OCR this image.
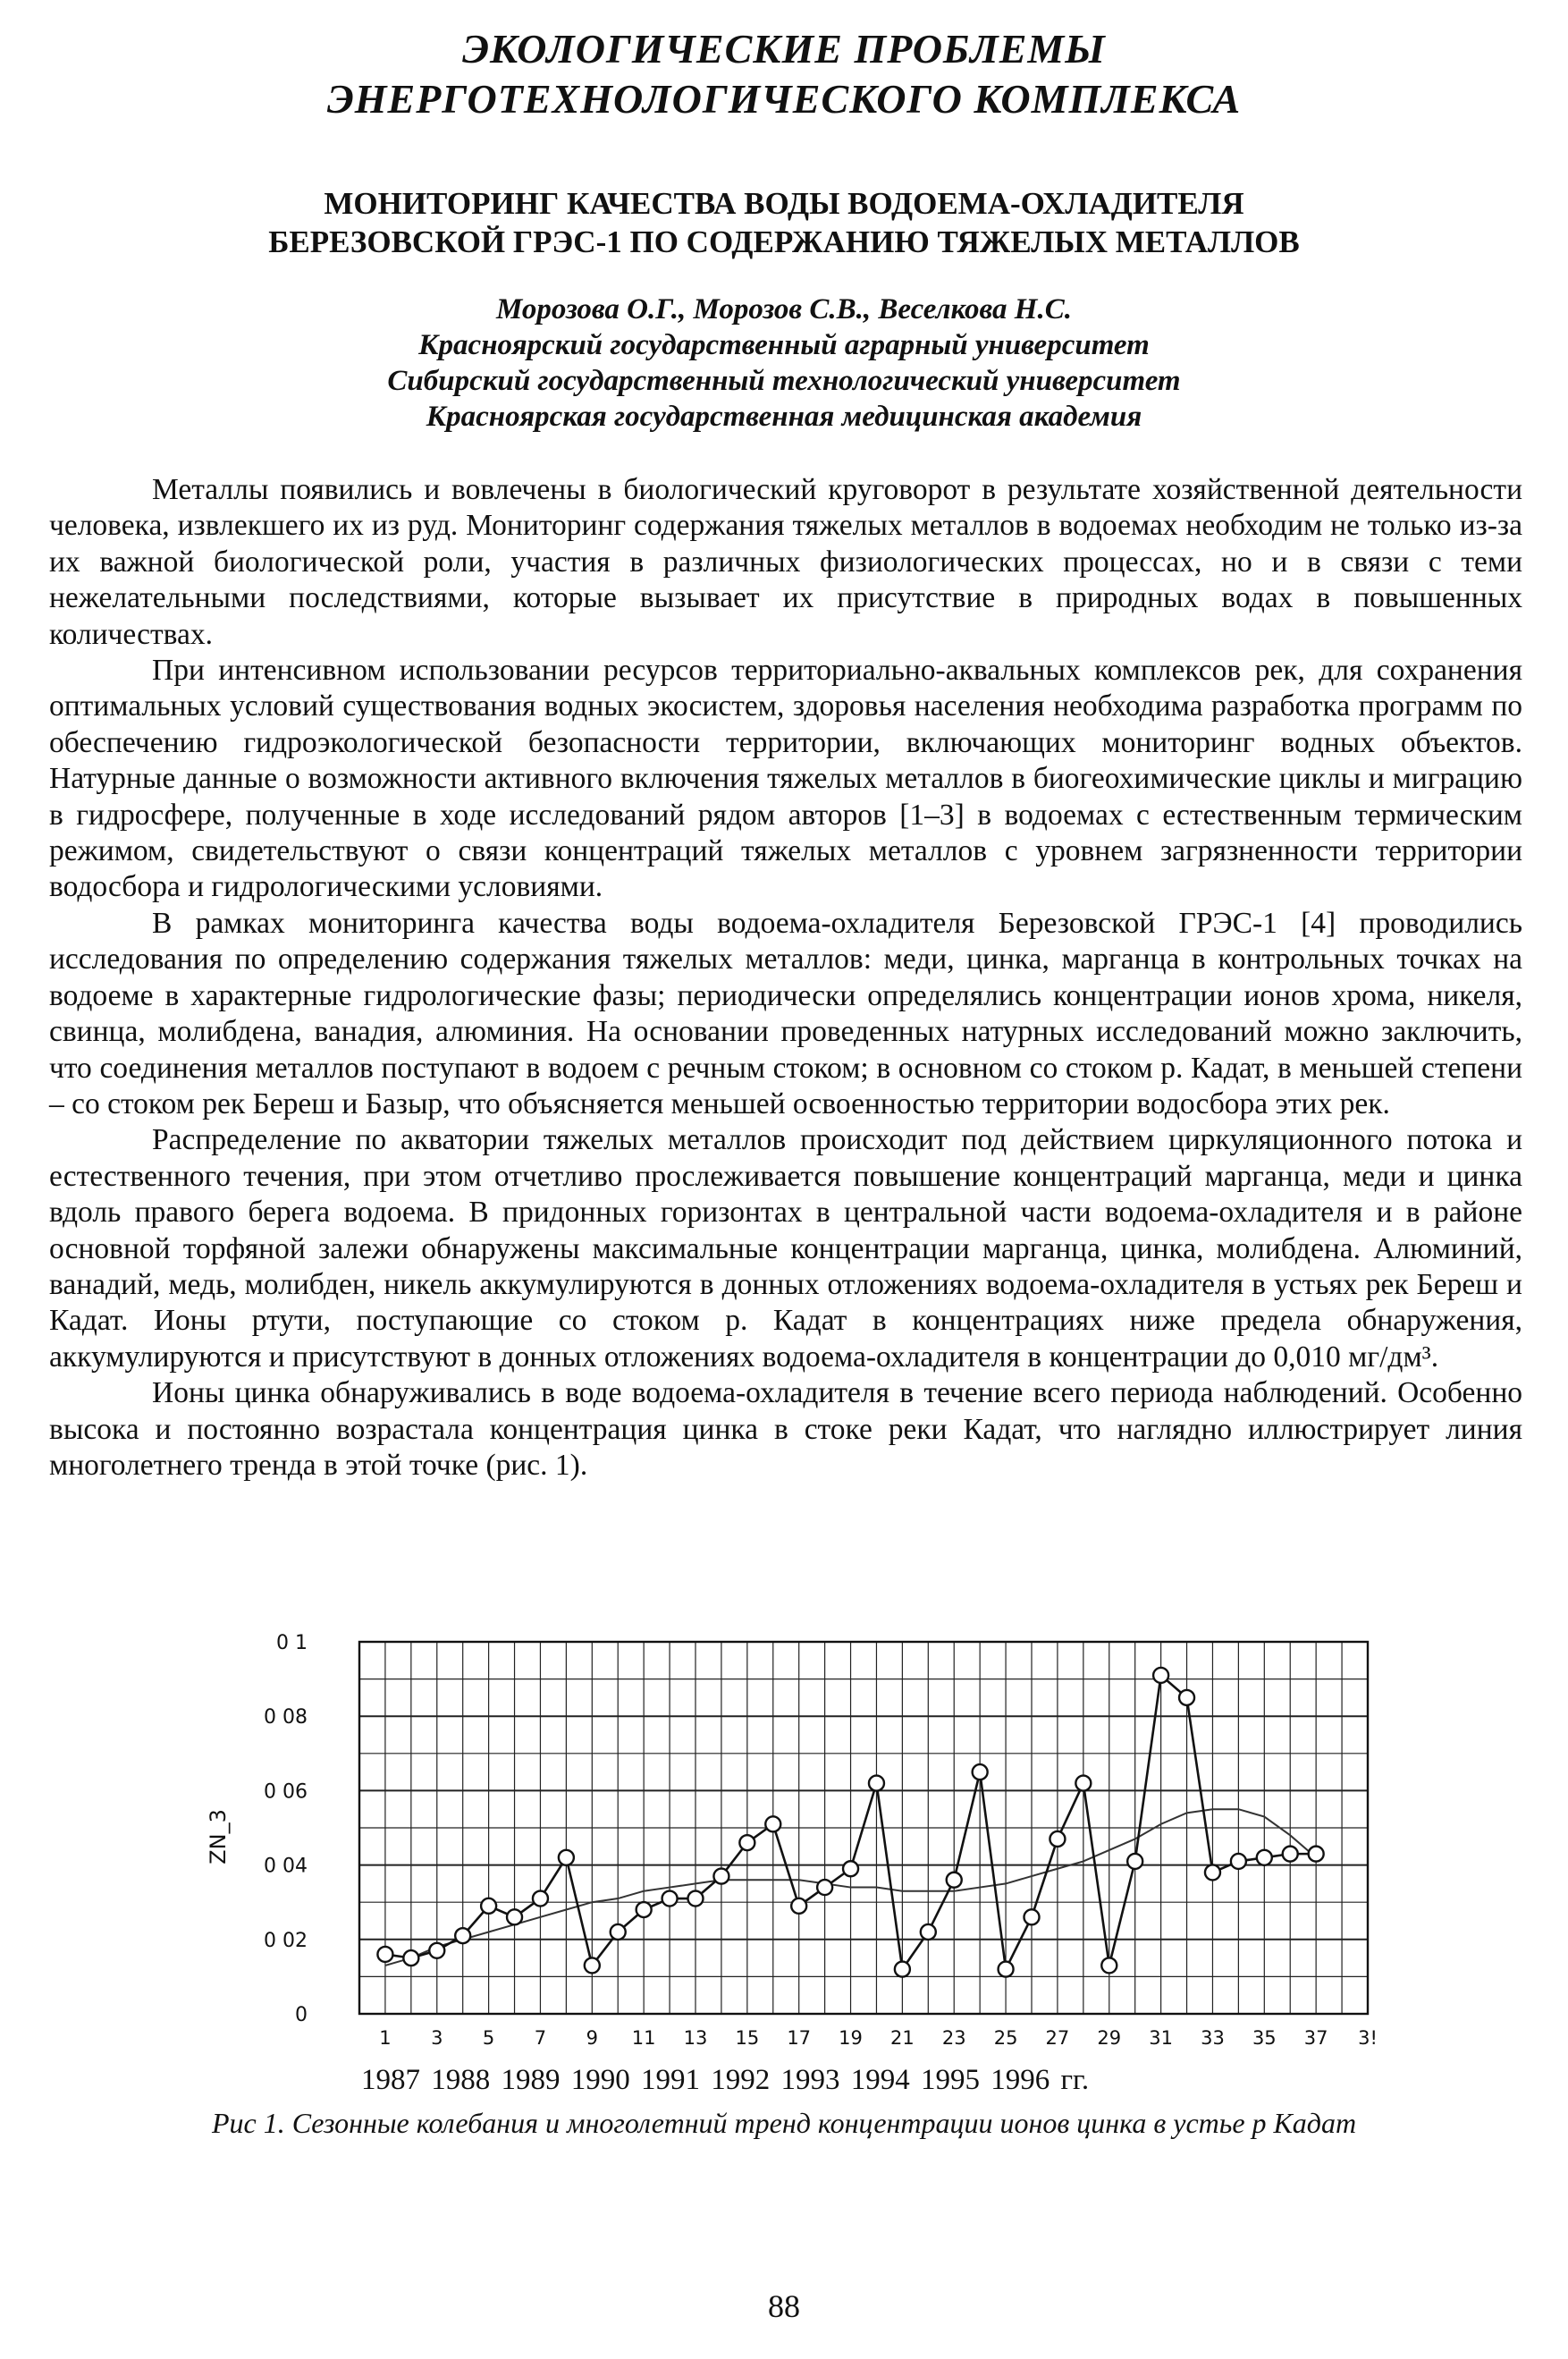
ЭКОЛОГИЧЕСКИЕ ПРОБЛЕМЫ
ЭНЕРГОТЕХНОЛОГИЧЕСКОГО КОМПЛЕКСА
МОНИТОРИНГ КАЧЕСТВА ВОДЫ ВОДОЕМА-ОХЛАДИТЕЛЯ
БЕРЕЗОВСКОЙ ГРЭС-1 ПО СОДЕРЖАНИЮ ТЯЖЕЛЫХ МЕТАЛЛОВ
Морозова О.Г., Морозов С.В., Веселкова Н.С.
Красноярский государственный аграрный университет
Сибирский государственный технологический университет
Красноярская государственная медицинская академия

Металлы появились и вовлечены в биологический круговорот в результате хозяйственной деятельности человека, извлекшего их из руд. Мониторинг содержания тяжелых металлов в водоемах необходим не только из-за их важной биологической роли, участия в различных физиологических процессах, но и в связи с теми нежелательными последствиями, которые вызывает их присутствие в природных водах в повышенных количествах.

При интенсивном использовании ресурсов территориально-аквальных комплексов рек, для сохранения оптимальных условий существования водных экосистем, здоровья населения необходима разработка программ по обеспечению гидроэкологической безопасности территории, включающих мониторинг водных объектов. Натурные данные о возможности активного включения тяжелых металлов в биогеохимические циклы и миграцию в гидросфере, полученные в ходе исследований рядом авторов [1–3] в водоемах с естественным термическим режимом, свидетельствуют о связи концентраций тяжелых металлов с уровнем загрязненности территории водосбора и гидрологическими условиями.

В рамках мониторинга качества воды водоема-охладителя Березовской ГРЭС-1 [4] проводились исследования по определению содержания тяжелых металлов: меди, цинка, марганца в контрольных точках на водоеме в характерные гидрологические фазы; периодически определялись концентрации ионов хрома, никеля, свинца, молибдена, ванадия, алюминия. На основании проведенных натурных исследований можно заключить, что соединения металлов поступают в водоем с речным стоком; в основном со стоком р. Кадат, в меньшей степени – со стоком рек Береш и Базыр, что объясняется меньшей освоенностью территории водосбора этих рек.

Распределение по акватории тяжелых металлов происходит под действием циркуляционного потока и естественного течения, при этом отчетливо прослеживается повышение концентраций марганца, меди и цинка вдоль правого берега водоема. В придонных горизонтах в центральной части водоема-охладителя и в районе основной торфяной залежи обнаружены максимальные концентрации марганца, цинка, молибдена. Алюминий, ванадий, медь, молибден, никель аккумулируются в донных отложениях водоема-охладителя в устьях рек Береш и Кадат. Ионы ртути, поступающие со стоком р. Кадат в концентрациях ниже предела обнаружения, аккумулируются и присутствуют в донных отложениях водоема-охладителя в концентрации до 0,010 мг/дм³.

Ионы цинка обнаруживались в воде водоема-охладителя в течение всего периода наблюдений. Особенно высока и постоянно возрастала концентрация цинка в стоке реки Кадат, что наглядно иллюстрирует линия многолетнего тренда в этой точке (рис. 1).

0
0 02
0 04
0 06
0 08
0 1
1 3 5 7 9 11 13 15 17 19 21 23 25 27 29 31 33 35 37 3!
ZN_3
1987 1988 1989 1990 1991 1992 1993 1994 1995 1996 гг.
Рис 1. Сезонные колебания и многолетний тренд концентрации ионов цинка в устье р Кадат
88
